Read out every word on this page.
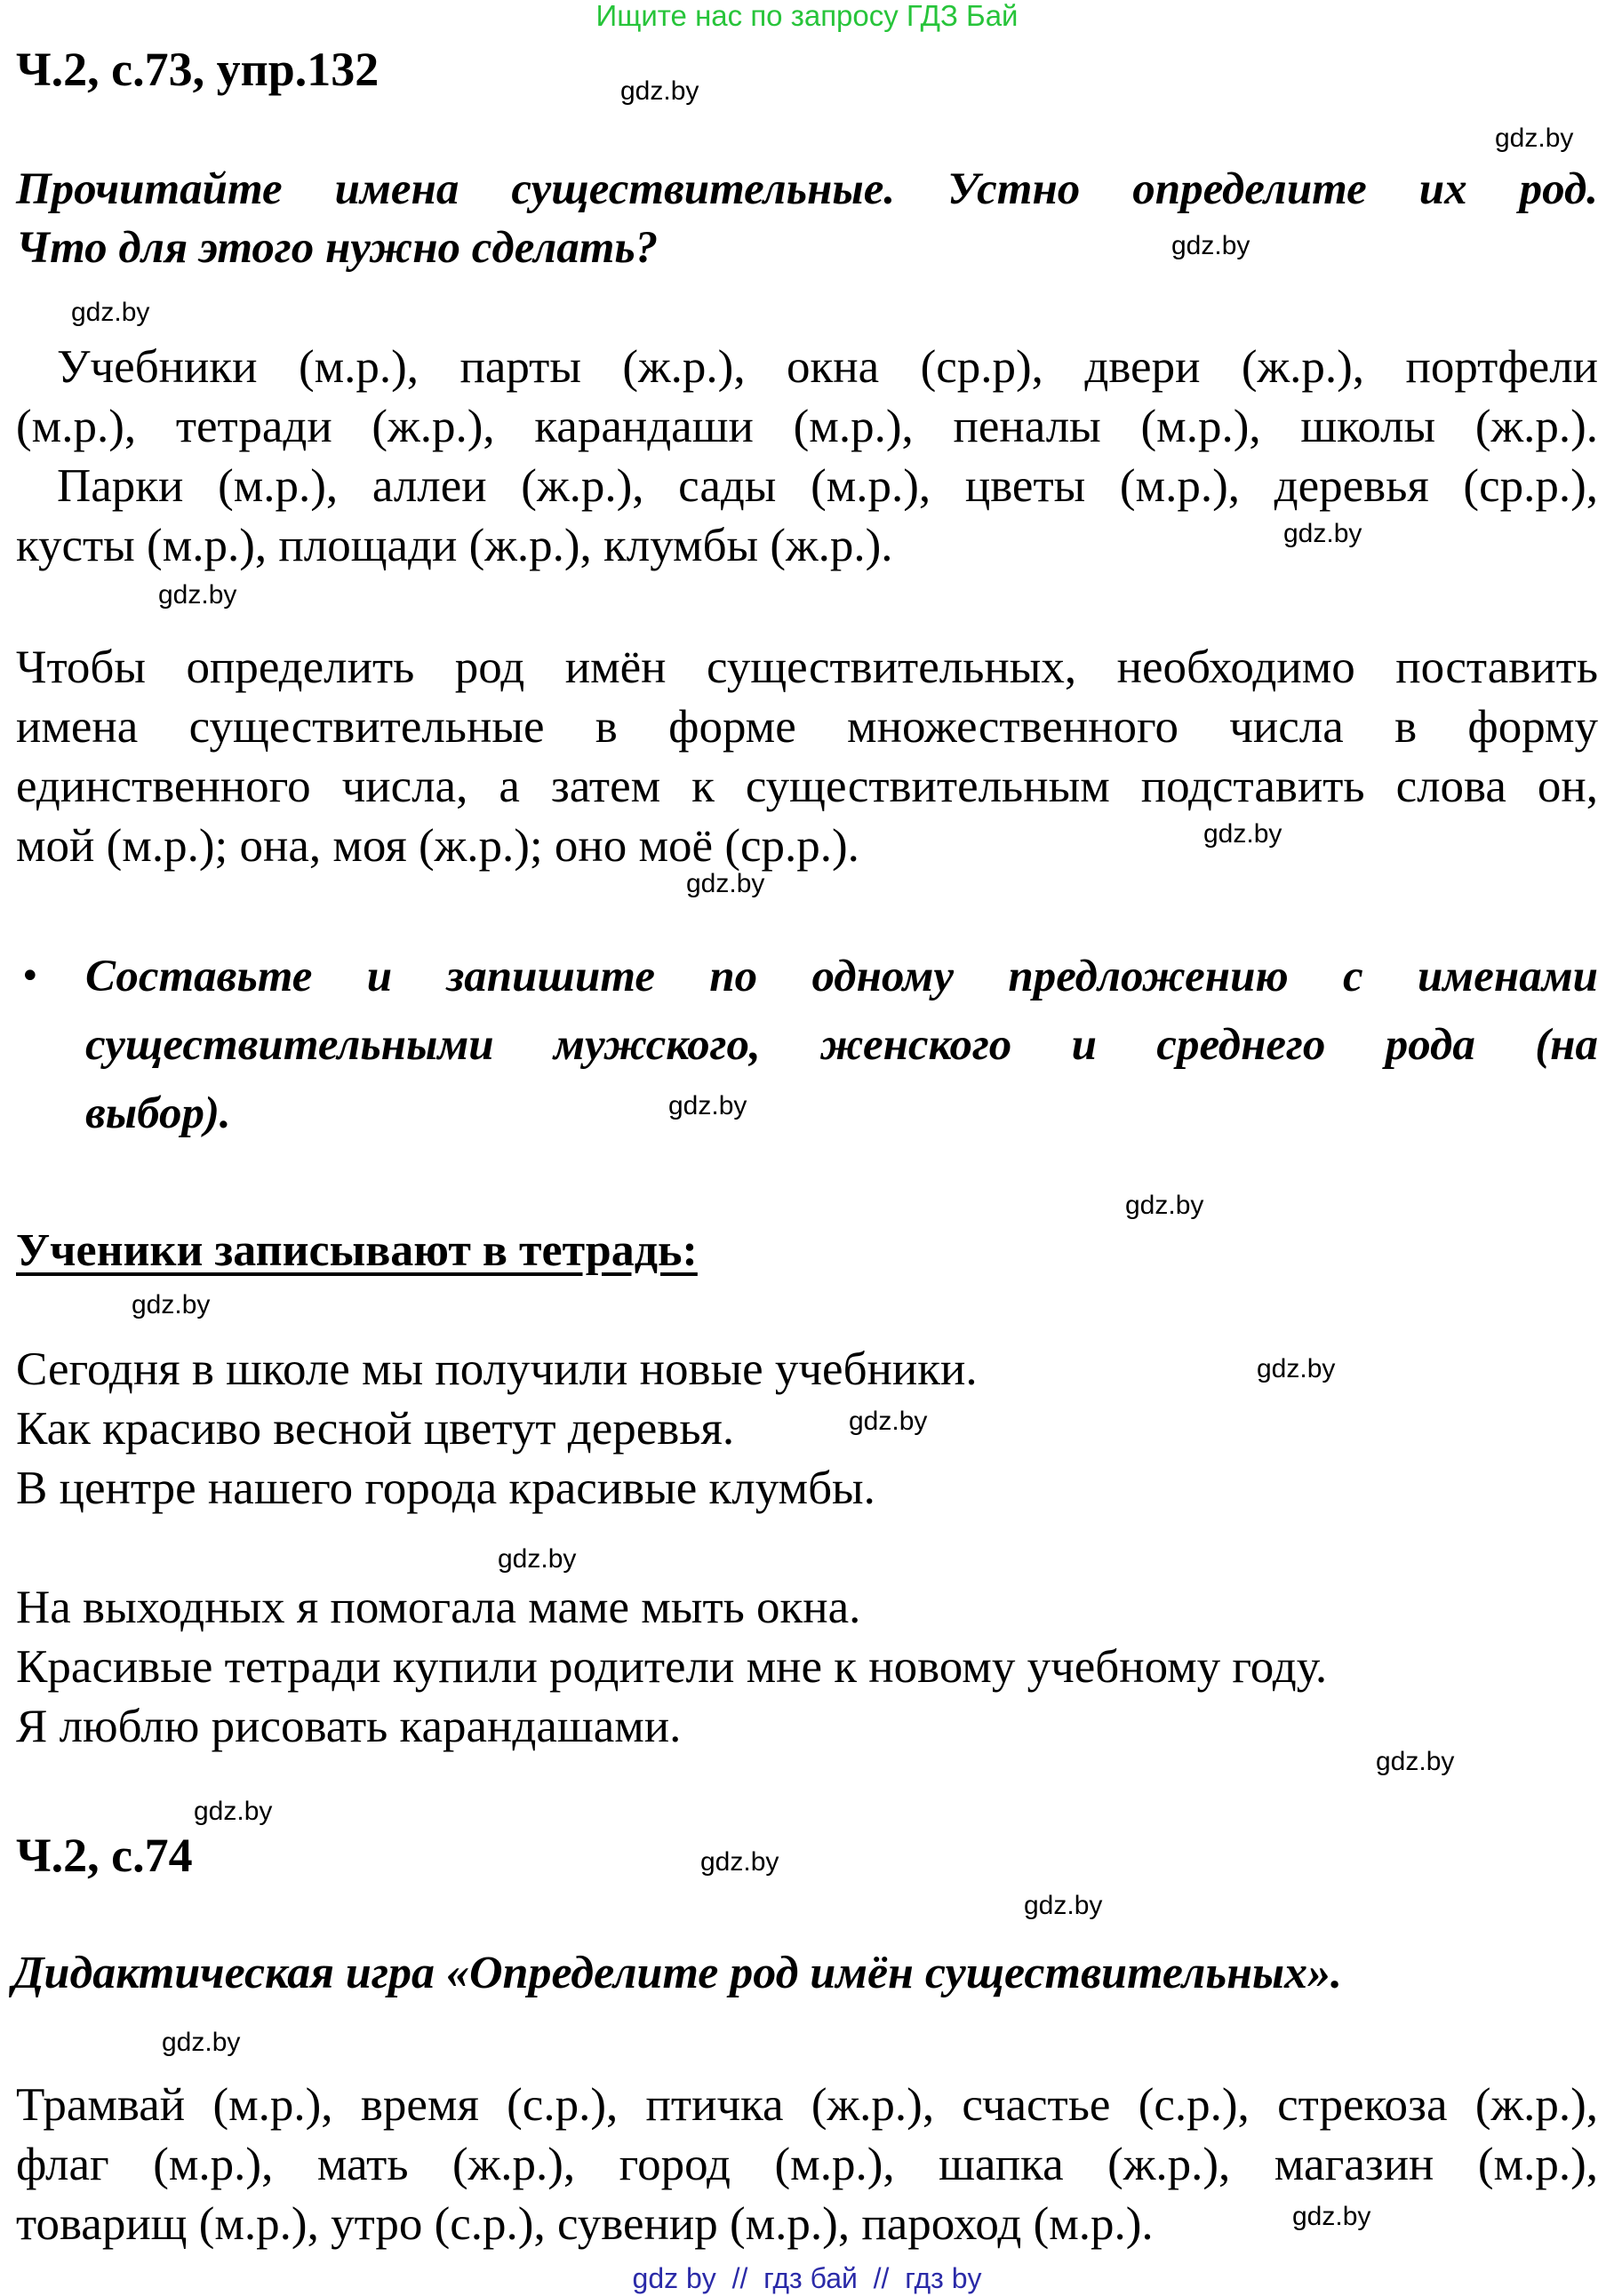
Ищите нас по запросу ГДЗ Бай
Ч.2, с.73, упр.132
Прочитайте имена существительные. Устно определите их род.
Что для этого нужно сделать?
Учебники (м.р.), парты (ж.р.), окна (ср.р), двери (ж.р.), портфели
(м.р.), тетради (ж.р.), карандаши (м.р.), пеналы (м.р.), школы (ж.р.).
Парки (м.р.), аллеи (ж.р.), сады (м.р.), цветы (м.р.), деревья (ср.р.),
кусты (м.р.), площади (ж.р.), клумбы (ж.р.).
Чтобы определить род имён существительных, необходимо поставить
имена существительные в форме множественного числа в форму
единственного числа, а затем к существительным подставить слова он,
мой (м.р.); она, моя (ж.р.); оно моё (ср.р.).
• Составьте и запишите по одному предложению с именами
существительными мужского, женского и среднего рода (на
выбор).
Ученики записывают в тетрадь:
Сегодня в школе мы получили новые учебники.
Как красиво весной цветут деревья.
В центре нашего города красивые клумбы.
На выходных я помогала маме мыть окна.
Красивые тетради купили родители мне к новому учебному году.
Я люблю рисовать карандашами.
Ч.2, с.74
Дидактическая игра «Определите род имён существительных».
Трамвай (м.р.), время (с.р.), птичка (ж.р.), счастье (с.р.), стрекоза (ж.р.),
флаг (м.р.), мать (ж.р.), город (м.р.), шапка (ж.р.), магазин (м.р.),
товарищ (м.р.), утро (с.р.), сувенир (м.р.), пароход (м.р.).
gdz.by
gdz.by
gdz.by
gdz.by
gdz.by
gdz.by
gdz.by
gdz.by
gdz.by
gdz.by
gdz.by
gdz.by
gdz.by
gdz.by
gdz.by
gdz.by
gdz.by
gdz.by
gdz.by
gdz.by
gdz by  //  гдз бай  //  гдз by
